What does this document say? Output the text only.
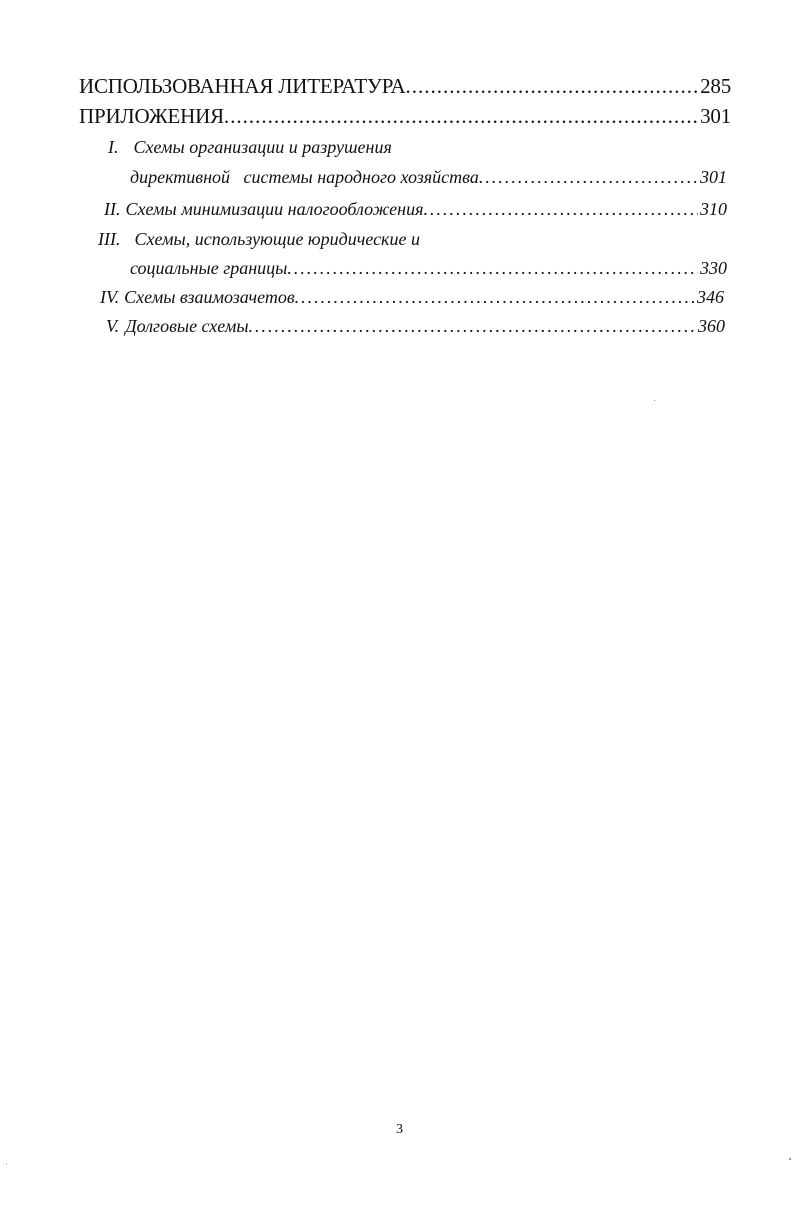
ИСПОЛЬЗОВАННАЯ ЛИТЕРАТУРА .....	285
ПРИЛОЖЕНИЯ .....	301
I. Схемы организации и разрушения
директивной   системы народного хозяйства .....	301
II. Схемы минимизации налогообложения .....	310
III. Схемы, использующие юридические и
социальные границы .....	330
IV. Схемы взаимозачетов .....	346
V. Долговые схемы .....	360
3
